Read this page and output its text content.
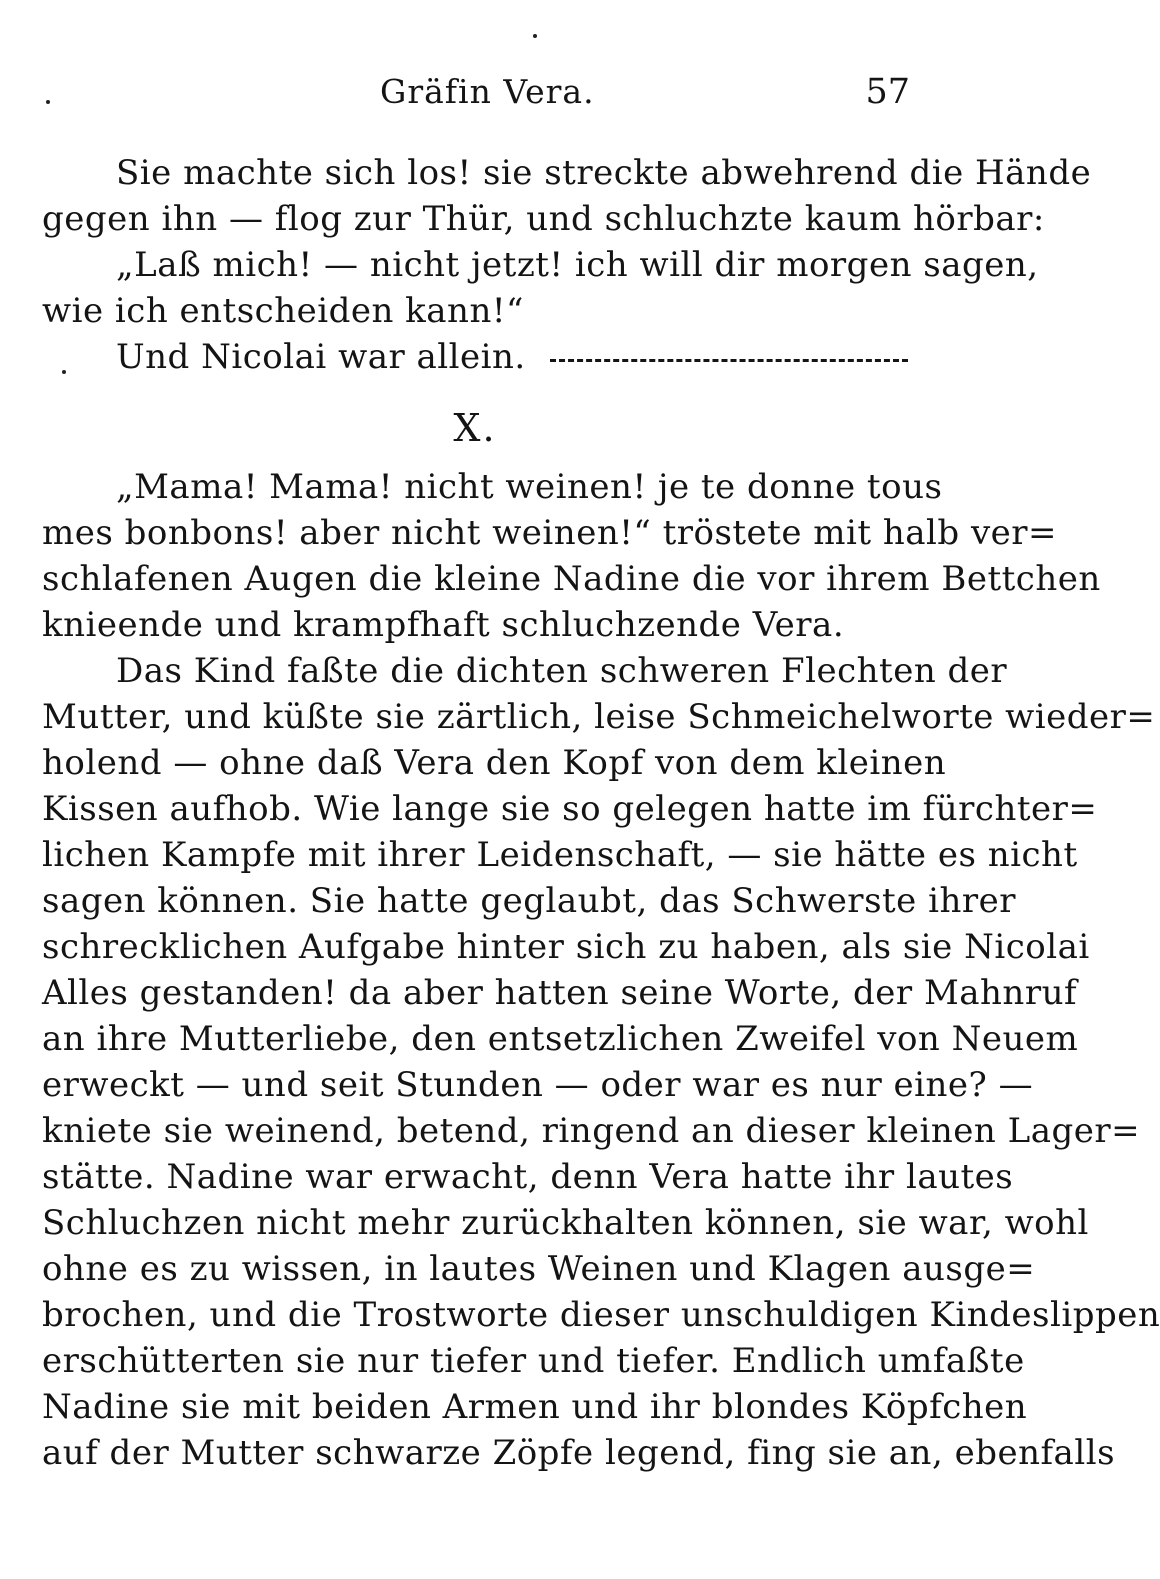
Gräfin Vera.	57
Sie machte sich los! sie streckte abwehrend die Hände
gegen ihn — flog zur Thür, und schluchzte kaum hörbar:
„Laß mich! — nicht jetzt! ich will dir morgen sagen,
wie ich entscheiden kann!“
Und Nicolai war allein.
X.
„Mama! Mama! nicht weinen! je te donne tous
mes bonbons! aber nicht weinen!“ tröstete mit halb ver=
schlafenen Augen die kleine Nadine die vor ihrem Bettchen
knieende und krampfhaft schluchzende Vera.
Das Kind faßte die dichten schweren Flechten der
Mutter, und küßte sie zärtlich, leise Schmeichelworte wieder=
holend — ohne daß Vera den Kopf von dem kleinen
Kissen aufhob. Wie lange sie so gelegen hatte im fürchter=
lichen Kampfe mit ihrer Leidenschaft, — sie hätte es nicht
sagen können. Sie hatte geglaubt, das Schwerste ihrer
schrecklichen Aufgabe hinter sich zu haben, als sie Nicolai
Alles gestanden! da aber hatten seine Worte, der Mahnruf
an ihre Mutterliebe, den entsetzlichen Zweifel von Neuem
erweckt — und seit Stunden — oder war es nur eine? —
kniete sie weinend, betend, ringend an dieser kleinen Lager=
stätte. Nadine war erwacht, denn Vera hatte ihr lautes
Schluchzen nicht mehr zurückhalten können, sie war, wohl
ohne es zu wissen, in lautes Weinen und Klagen ausge=
brochen, und die Trostworte dieser unschuldigen Kindeslippen
erschütterten sie nur tiefer und tiefer. Endlich umfaßte
Nadine sie mit beiden Armen und ihr blondes Köpfchen
auf der Mutter schwarze Zöpfe legend, fing sie an, ebenfalls
